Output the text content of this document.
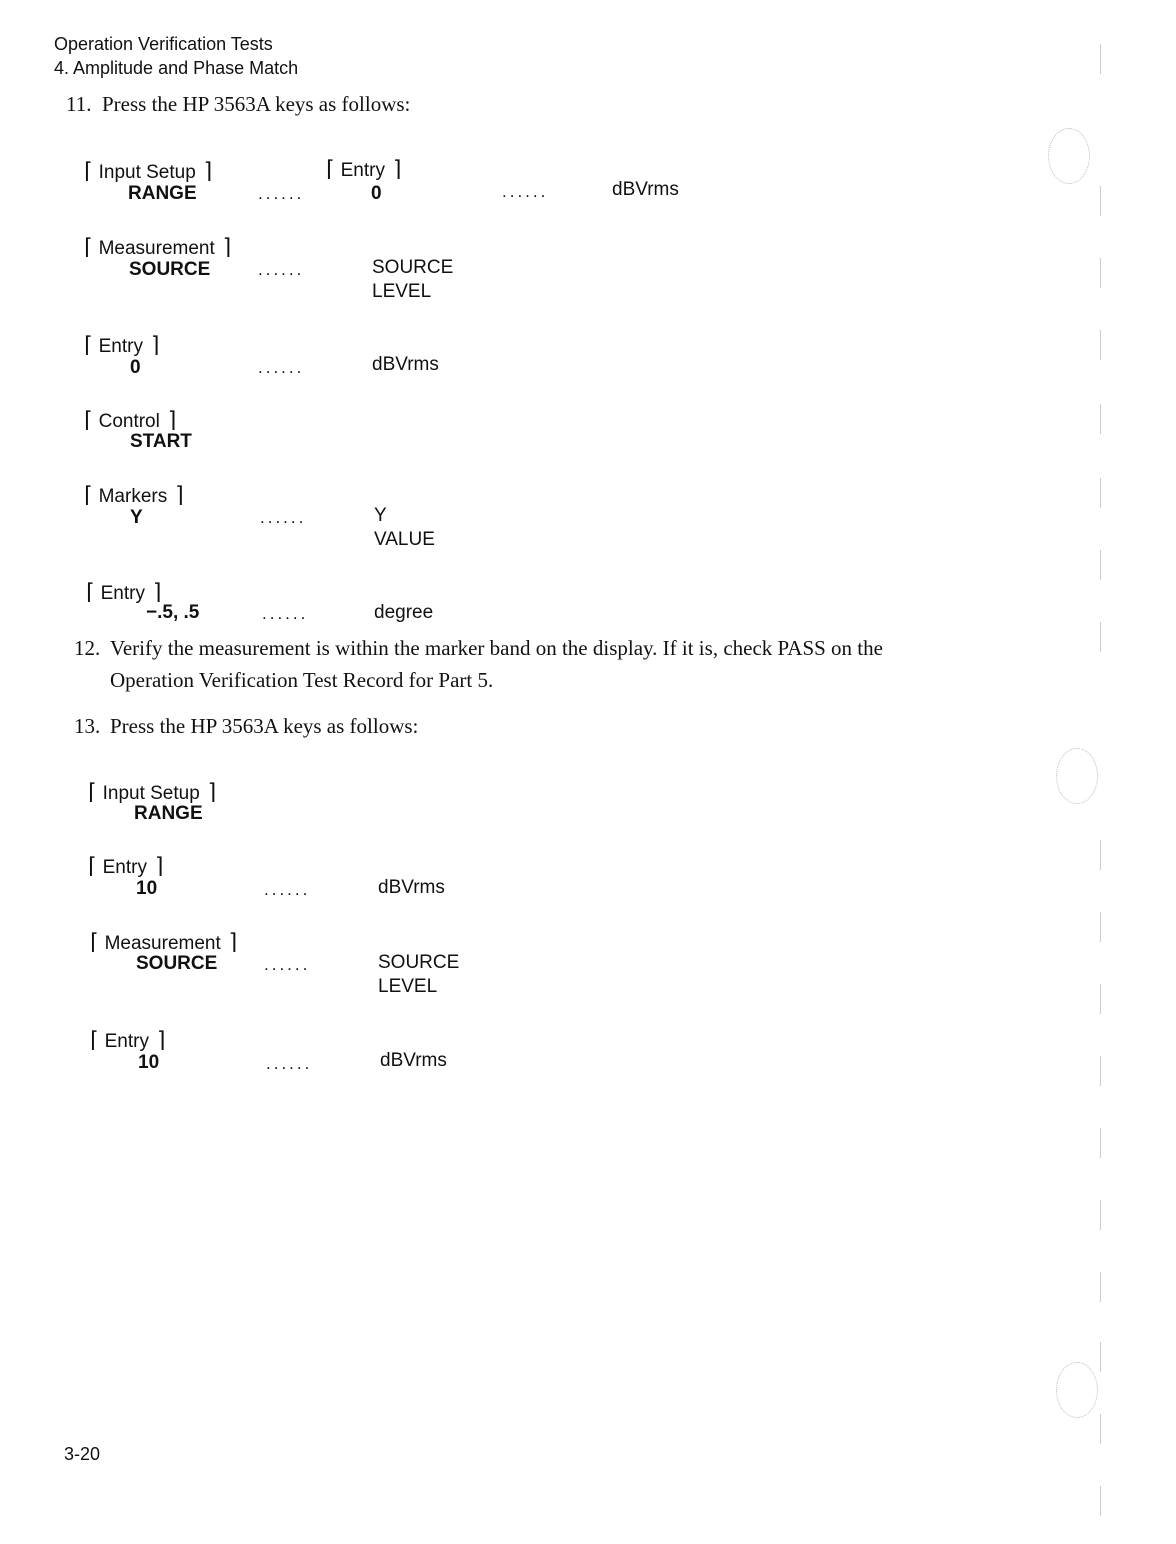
Operation Verification Tests
4. Amplitude and Phase Match
11. Press the HP 3563A keys as follows:
⌈ Input Setup ⌉
RANGE	......
⌈ Entry ⌉
0	......	dBVrms
⌈ Measurement ⌉
SOURCE	......	SOURCE
LEVEL
⌈ Entry ⌉
0	......	dBVrms
⌈ Control ⌉
START
⌈ Markers ⌉
Y	......	Y
VALUE
⌈ Entry ⌉
−.5, .5	......	degree
12. Verify the measurement is within the marker band on the display. If it is, check PASS on the
Operation Verification Test Record for Part 5.
13. Press the HP 3563A keys as follows:
⌈ Input Setup ⌉
RANGE
⌈ Entry ⌉
10	......	dBVrms
⌈ Measurement ⌉
SOURCE	......	SOURCE
LEVEL
⌈ Entry ⌉
10	......	dBVrms
3-20
